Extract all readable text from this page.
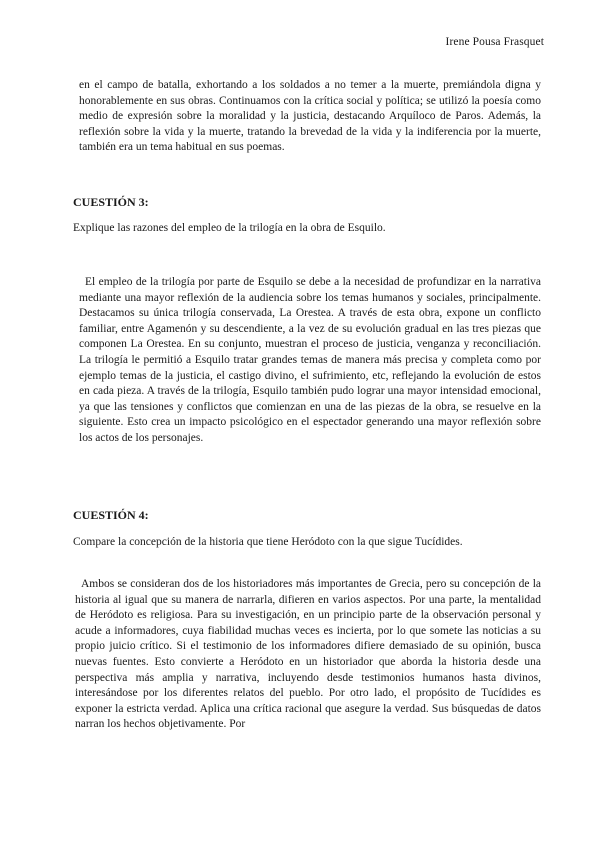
Irene Pousa Frasquet

en el campo de batalla, exhortando a los soldados a no temer a la muerte, premiándola digna y honorablemente en sus obras. Continuamos con la crítica social y política; se utilizó la poesía como medio de expresión sobre la moralidad y la justicia, destacando Arquíloco de Paros. Además, la reflexión sobre la vida y la muerte, tratando la brevedad de la vida y la indiferencia por la muerte, también era un tema habitual en sus poemas.

CUESTIÓN 3:
Explique las razones del empleo de la trilogía en la obra de Esquilo.

El empleo de la trilogía por parte de Esquilo se debe a la necesidad de profundizar en la narrativa mediante una mayor reflexión de la audiencia sobre los temas humanos y sociales, principalmente. Destacamos su única trilogía conservada, La Orestea. A través de esta obra, expone un conflicto familiar, entre Agamenón y su descendiente, a la vez de su evolución gradual en las tres piezas que componen La Orestea. En su conjunto, muestran el proceso de justicia, venganza y reconciliación. La trilogía le permitió a Esquilo tratar grandes temas de manera más precisa y completa como por ejemplo temas de la justicia, el castigo divino, el sufrimiento, etc, reflejando la evolución de estos en cada pieza. A través de la trilogía, Esquilo también pudo lograr una mayor intensidad emocional, ya que las tensiones y conflictos que comienzan en una de las piezas de la obra, se resuelve en la siguiente. Esto crea un impacto psicológico en el espectador generando una mayor reflexión sobre los actos de los personajes.

CUESTIÓN 4:
Compare la concepción de la historia que tiene Heródoto con la que sigue Tucídides.

Ambos se consideran dos de los historiadores más importantes de Grecia, pero su concepción de la historia al igual que su manera de narrarla, difieren en varios aspectos. Por una parte, la mentalidad de Heródoto es religiosa. Para su investigación, en un principio parte de la observación personal y acude a informadores, cuya fiabilidad muchas veces es incierta, por lo que somete las noticias a su propio juicio crítico. Si el testimonio de los informadores difiere demasiado de su opinión, busca nuevas fuentes. Esto convierte a Heródoto en un historiador que aborda la historia desde una perspectiva más amplia y narrativa, incluyendo desde testimonios humanos hasta divinos, interesándose por los diferentes relatos del pueblo. Por otro lado, el propósito de Tucídides es exponer la estricta verdad. Aplica una crítica racional que asegure la verdad. Sus búsquedas de datos narran los hechos objetivamente. Por
